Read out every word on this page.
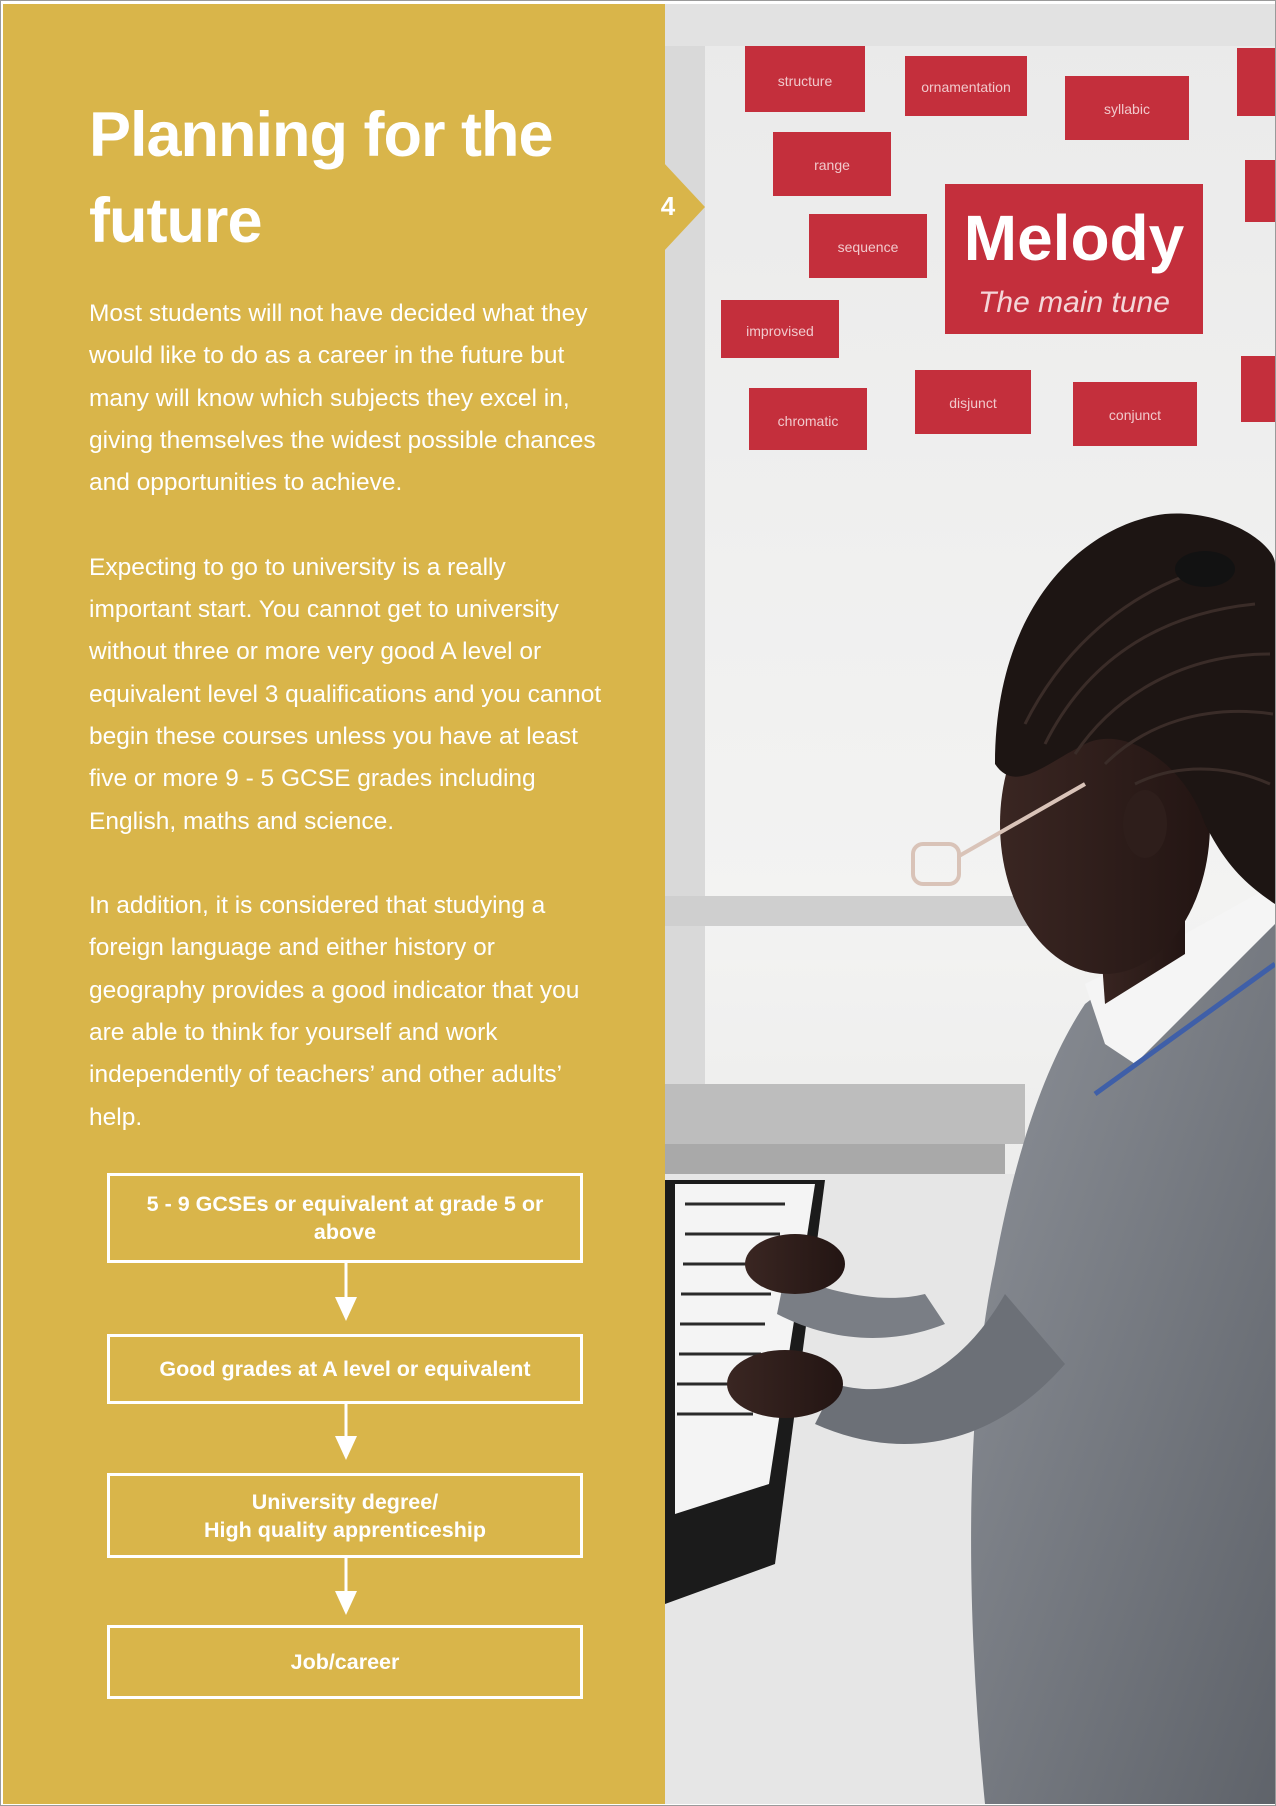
Planning for the future

Most students will not have decided what they would like to do as a career in the future but many will know which subjects they excel in, giving themselves the widest possible chances and opportunities to achieve.

Expecting to go to university is a really important start. You cannot get to university without three or more very good A level or equivalent level 3 qualifications and you cannot begin these courses unless you have at least five or more 9 - 5 GCSE grades including English, maths and science.

In addition, it is considered that studying a foreign language and either history or geography provides a good indicator that you are able to think for yourself and work independently of teachers’ and other adults’ help.

5 - 9 GCSEs or equivalent at grade 5 or above
Good grades at A level or equivalent
University degree/
High quality apprenticeship
Job/career
structure	ornamentation
syllabic
range
sequence
improvised
disjunct
conjunct
chromatic
Melody
The main tune
4
